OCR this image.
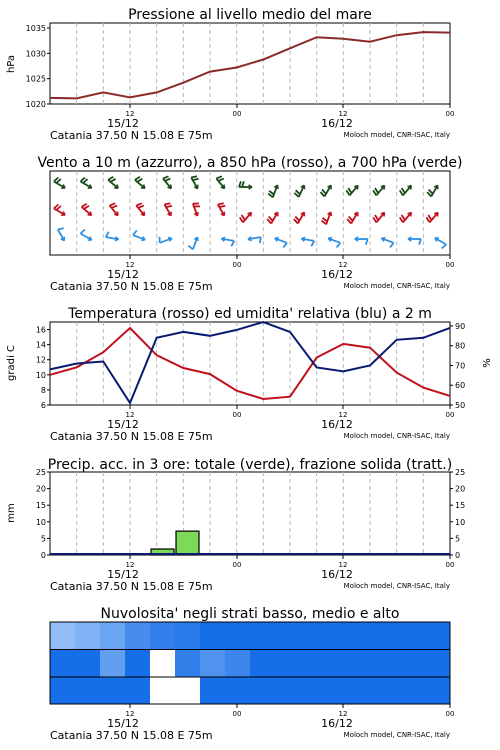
Pressione al livello medio del mare
1020
1025
1030
1035
hPa
Vento a 10 m (azzurro), a 850 hPa (rosso), a 700 hPa (verde)
Temperatura (rosso) ed umidita' relativa (blu) a 2 m
6
8
10
12
14
16
50
60
70
80
90
gradi C	%
Precip. acc. in 3 ore: totale (verde), frazione solida (tratt.)
0
5
10
15
20
25
0
5
10
15
20
25
mm
Nuvolosita' negli strati basso, medio e alto
12	00	12	00
15/12	16/12
Catania 37.50 N 15.08 E 75m	Moloch model, CNR-ISAC, Italy
12	00	12	00
15/12	16/12
Catania 37.50 N 15.08 E 75m	Moloch model, CNR-ISAC, Italy
12	00	12	00
15/12	16/12
Catania 37.50 N 15.08 E 75m	Moloch model, CNR-ISAC, Italy
12	00	12	00
15/12	16/12
Catania 37.50 N 15.08 E 75m	Moloch model, CNR-ISAC, Italy
12	00	12	00
15/12	16/12
Catania 37.50 N 15.08 E 75m	Moloch model, CNR-ISAC, Italy
